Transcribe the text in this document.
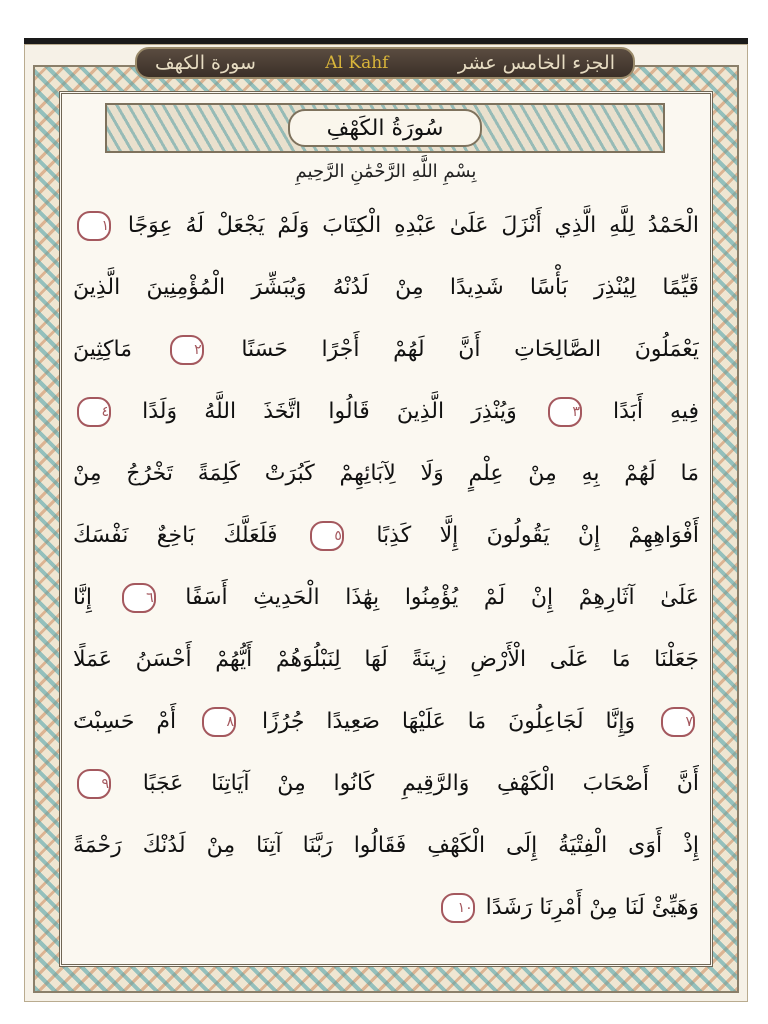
سورة الكهف	Al Kahf	الجزء الخامس عشر
سُورَةُ الكَهْفِ
بِسْمِ اللَّهِ الرَّحْمَٰنِ الرَّحِيمِ
الْحَمْدُ لِلَّهِ الَّذِي أَنْزَلَ عَلَىٰ عَبْدِهِ الْكِتَابَ وَلَمْ يَجْعَلْ لَهُ عِوَجًا ١
قَيِّمًا لِيُنْذِرَ بَأْسًا شَدِيدًا مِنْ لَدُنْهُ وَيُبَشِّرَ الْمُؤْمِنِينَ الَّذِينَ
يَعْمَلُونَ الصَّالِحَاتِ أَنَّ لَهُمْ أَجْرًا حَسَنًا ٢ مَاكِثِينَ
فِيهِ أَبَدًا ٣ وَيُنْذِرَ الَّذِينَ قَالُوا اتَّخَذَ اللَّهُ وَلَدًا ٤
مَا لَهُمْ بِهِ مِنْ عِلْمٍ وَلَا لِآبَائِهِمْ كَبُرَتْ كَلِمَةً تَخْرُجُ مِنْ
أَفْوَاهِهِمْ إِنْ يَقُولُونَ إِلَّا كَذِبًا ٥ فَلَعَلَّكَ بَاخِعٌ نَفْسَكَ
عَلَىٰ آثَارِهِمْ إِنْ لَمْ يُؤْمِنُوا بِهَٰذَا الْحَدِيثِ أَسَفًا ٦ إِنَّا
جَعَلْنَا مَا عَلَى الْأَرْضِ زِينَةً لَهَا لِنَبْلُوَهُمْ أَيُّهُمْ أَحْسَنُ عَمَلًا
٧ وَإِنَّا لَجَاعِلُونَ مَا عَلَيْهَا صَعِيدًا جُرُزًا ٨ أَمْ حَسِبْتَ
أَنَّ أَصْحَابَ الْكَهْفِ وَالرَّقِيمِ كَانُوا مِنْ آيَاتِنَا عَجَبًا ٩
إِذْ أَوَى الْفِتْيَةُ إِلَى الْكَهْفِ فَقَالُوا رَبَّنَا آتِنَا مِنْ لَدُنْكَ رَحْمَةً
وَهَيِّئْ لَنَا مِنْ أَمْرِنَا رَشَدًا ١٠
